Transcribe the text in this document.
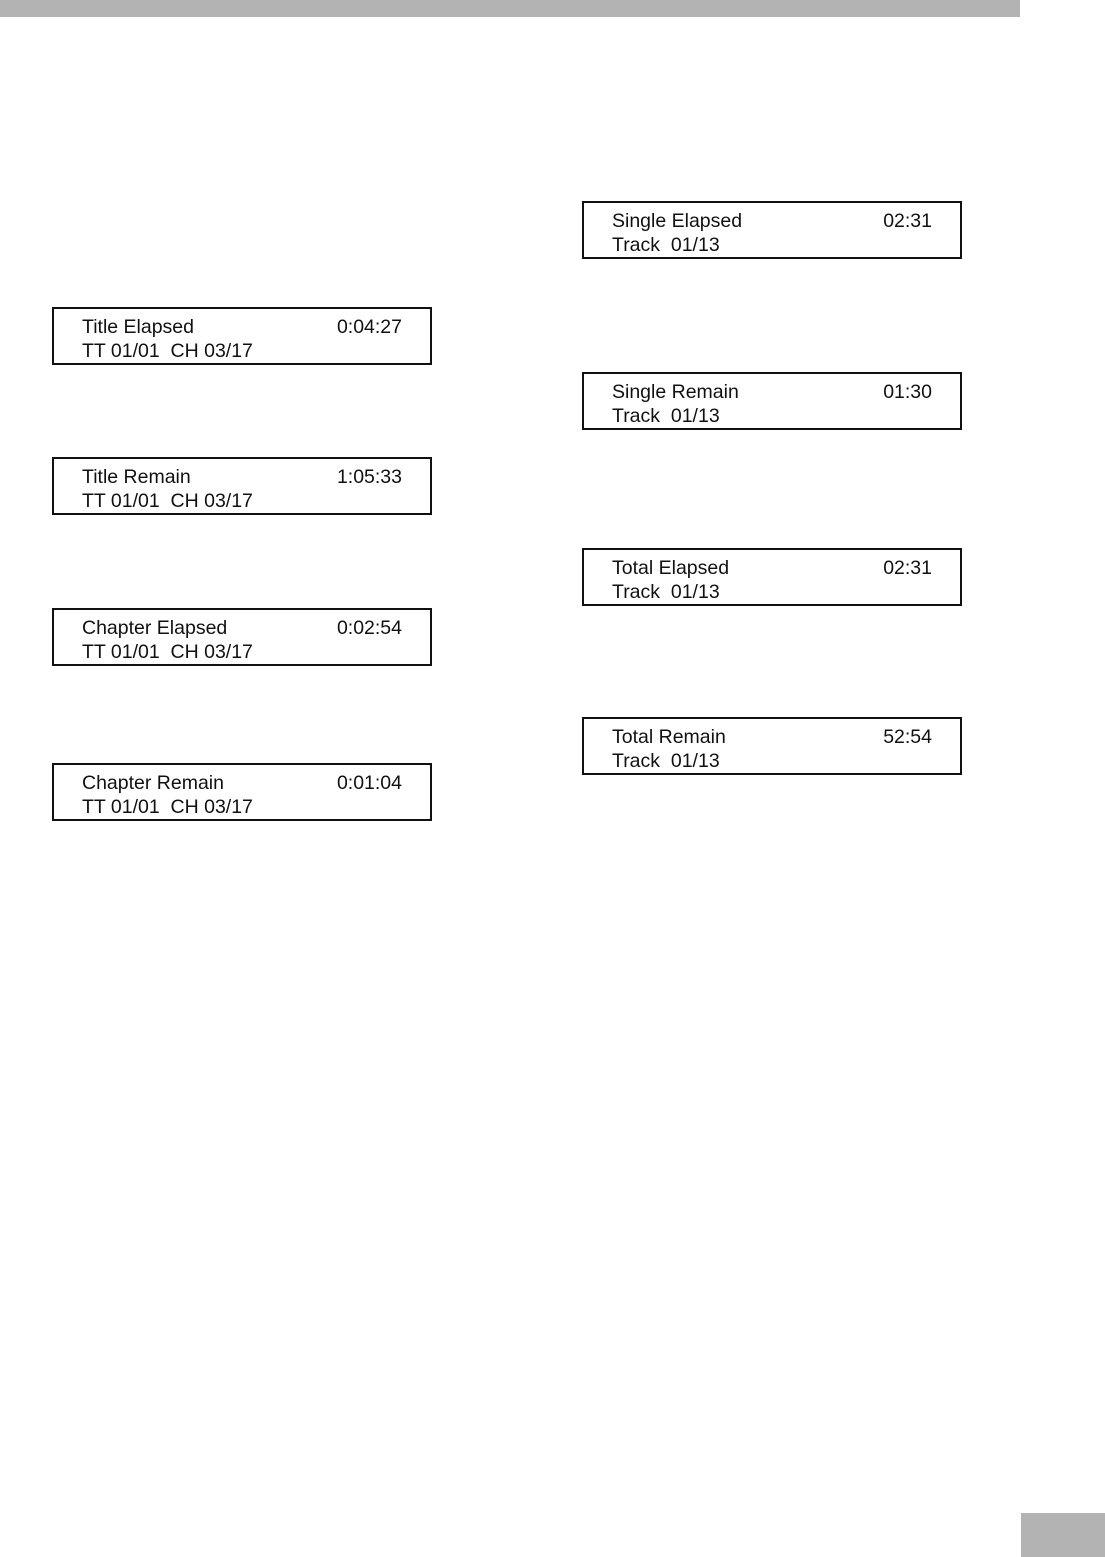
Title Elapsed	0:04:27

TT 01/01  CH 03/17

Title Remain	1:05:33

TT 01/01  CH 03/17

Chapter Elapsed	0:02:54

TT 01/01  CH 03/17

Chapter Remain	0:01:04

TT 01/01  CH 03/17

Single Elapsed	02:31

Track  01/13

Single Remain	01:30

Track  01/13

Total Elapsed	02:31

Track  01/13

Total Remain	52:54

Track  01/13
